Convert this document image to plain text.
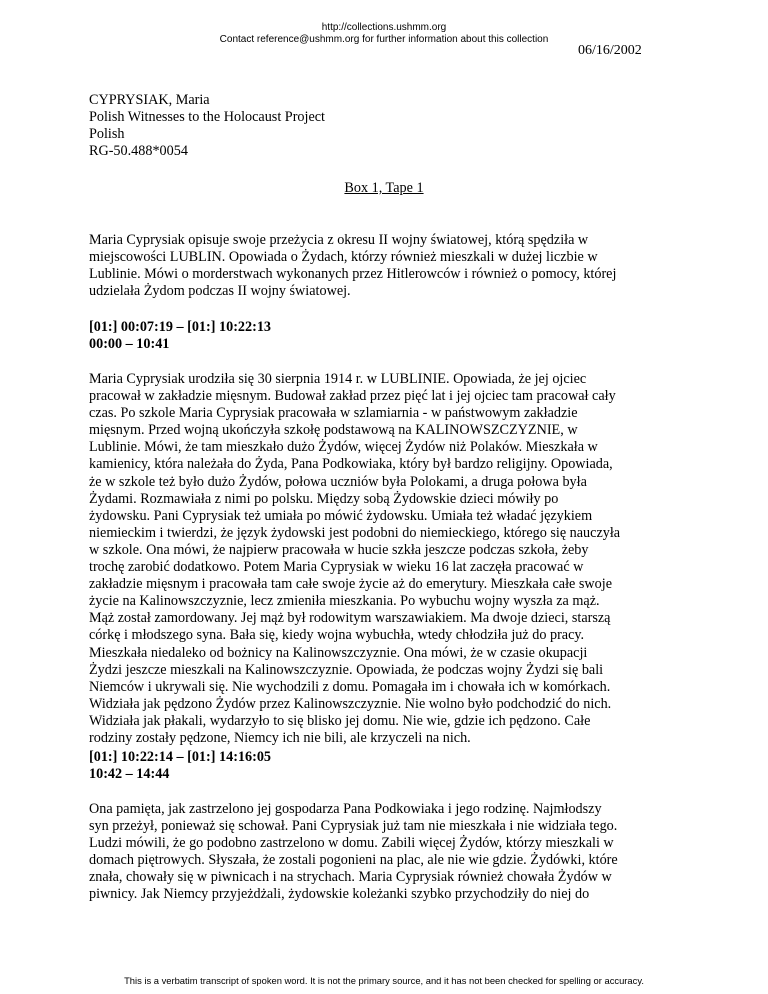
http://collections.ushmm.org
Contact reference@ushmm.org for further information about this collection
06/16/2002
CYPRYSIAK, Maria
Polish Witnesses to the Holocaust Project
Polish
RG-50.488*0054
Box 1, Tape 1

Maria Cyprysiak opisuje swoje przeżycia z okresu II wojny światowej, którą spędziła w

miejscowości LUBLIN. Opowiada o Żydach, którzy również mieszkali w dużej liczbie w

Lublinie. Mówi o morderstwach wykonanych przez Hitlerowców i również o pomocy, której

udzielała Żydom podczas II wojny światowej.

[01:] 00:07:19 – [01:] 10:22:13
00:00 – 10:41

Maria Cyprysiak urodziła się 30 sierpnia 1914 r. w LUBLINIE. Opowiada, że jej ojciec

pracował w zakładzie mięsnym. Budował zakład przez pięć lat i jej ojciec tam pracował cały

czas. Po szkole Maria Cyprysiak pracowała w szlamiarnia - w państwowym zakładzie

mięsnym. Przed wojną ukończyła szkołę podstawową na KALINOWSZCZYZNIE, w

Lublinie. Mówi, że tam mieszkało dużo Żydów, więcej Żydów niż Polaków. Mieszkała w

kamienicy, która należała do Żyda, Pana Podkowiaka, który był bardzo religijny. Opowiada,

że w szkole też było dużo Żydów, połowa uczniów była Polokami, a druga połowa była

Żydami. Rozmawiała z nimi po polsku. Między sobą Żydowskie dzieci mówiły po

żydowsku. Pani Cyprysiak też umiała po mówić żydowsku. Umiała też władać językiem

niemieckim i twierdzi, że język żydowski jest podobni do niemieckiego, którego się nauczyła

w szkole. Ona mówi, że najpierw pracowała w hucie szkła jeszcze podczas szkoła, żeby

trochę zarobić dodatkowo. Potem Maria Cyprysiak w wieku 16 lat zaczęła pracować w

zakładzie mięsnym i pracowała tam całe swoje życie aż do emerytury. Mieszkała całe swoje

życie na Kalinowszczyznie, lecz zmieniła mieszkania. Po wybuchu wojny wyszła za mąż.

Mąż został zamordowany. Jej mąż był rodowitym warszawiakiem. Ma dwoje dzieci, starszą

córkę i młodszego syna. Bała się, kiedy wojna wybuchła, wtedy chłodziła już do pracy.

Mieszkała niedaleko od bożnicy na Kalinowszczyznie. Ona mówi, że w czasie okupacji

Żydzi jeszcze mieszkali na Kalinowszczyznie. Opowiada, że podczas wojny Żydzi się bali

Niemców i ukrywali się. Nie wychodzili z domu. Pomagała im i chowała ich w komórkach.

Widziała jak pędzono Żydów przez Kalinowszczyznie. Nie wolno było podchodzić do nich.

Widziała jak płakali, wydarzyło to się blisko jej domu. Nie wie, gdzie ich pędzono. Całe

rodziny zostały pędzone, Niemcy ich nie bili, ale krzyczeli na nich.

[01:] 10:22:14 – [01:] 14:16:05
10:42 – 14:44

Ona pamięta, jak zastrzelono jej gospodarza Pana Podkowiaka i jego rodzinę. Najmłodszy

syn przeżył, ponieważ się schował. Pani Cyprysiak już tam nie mieszkała i nie widziała tego.

Ludzi mówili, że go podobno zastrzelono w domu. Zabili więcej Żydów, którzy mieszkali w

domach piętrowych. Słyszała, że zostali pogonieni na plac, ale nie wie gdzie. Żydówki, które

znała, chowały się w piwnicach i na strychach. Maria Cyprysiak również chowała Żydów w

piwnicy. Jak Niemcy przyjeżdżali, żydowskie koleżanki szybko przychodziły do niej do

This is a verbatim transcript of spoken word. It is not the primary source, and it has not been checked for spelling or accuracy.
